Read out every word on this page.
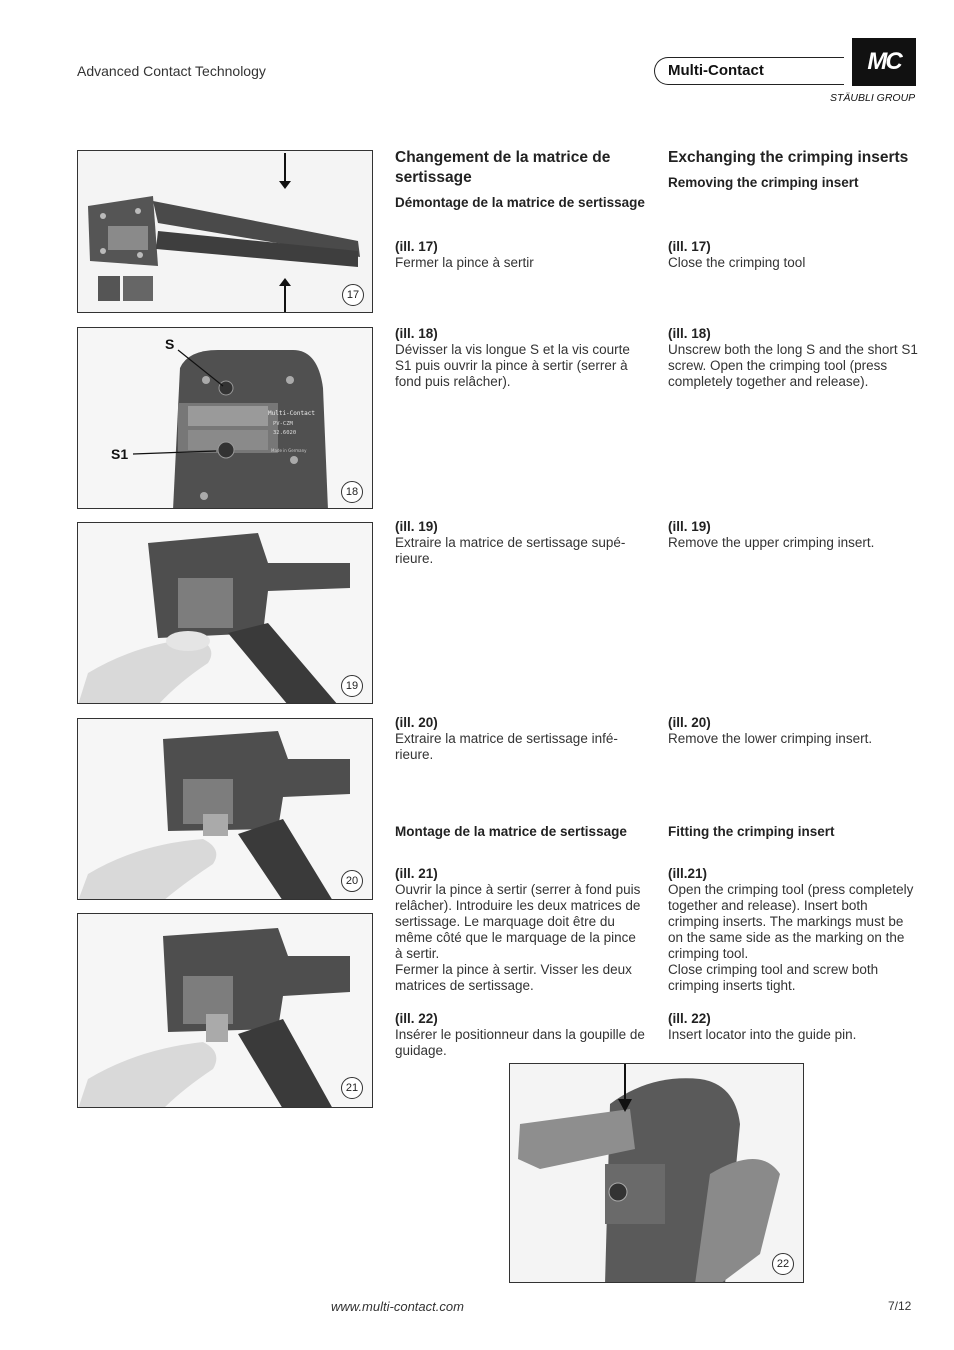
Advanced Contact Technology	Multi-Contact	MC
STÄUBLI GROUP
17
Multi-Contact
PV-CZM
32.6020
Made in Germany
S
S1
18
19
20
21
22
Changement de la matrice de sertissage
Démontage de la matrice de sertissage
(ill. 17)
Fermer la pince à sertir
(ill. 18)
Dévisser la vis longue S et la vis courte S1 puis ouvrir la pince à sertir (serrer à fond puis relâcher).
(ill. 19)
Extraire la matrice de sertissage supérieure.
(ill. 20)
Extraire la matrice de sertissage inférieure.
Montage de la matrice de sertissage
(ill. 21)
Ouvrir la pince à sertir (serrer à fond puis relâcher). Introduire les deux matrices de sertissage. Le marquage doit être du même côté que le marquage de la pince à sertir.
Fermer la pince à sertir. Visser les deux matrices de sertissage.
(ill. 22)
Insérer le positionneur dans la goupille de guidage.
Exchanging the crimping inserts
Removing the crimping insert
(ill. 17)
Close the crimping tool
(ill. 18)
Unscrew both the long S and the short S1 screw. Open the crimping tool (press completely together and release).
(ill. 19)
Remove the upper crimping insert.
(ill. 20)
Remove the lower crimping insert.
Fitting the crimping insert
(ill.21)
Open the crimping tool (press completely together and release). Insert both crimping inserts. The markings must be on the same side as the marking on the crimping tool.
Close crimping tool and screw both crimping inserts tight.
(ill. 22)
Insert locator into the guide pin.
www.multi-contact.com	7/12
